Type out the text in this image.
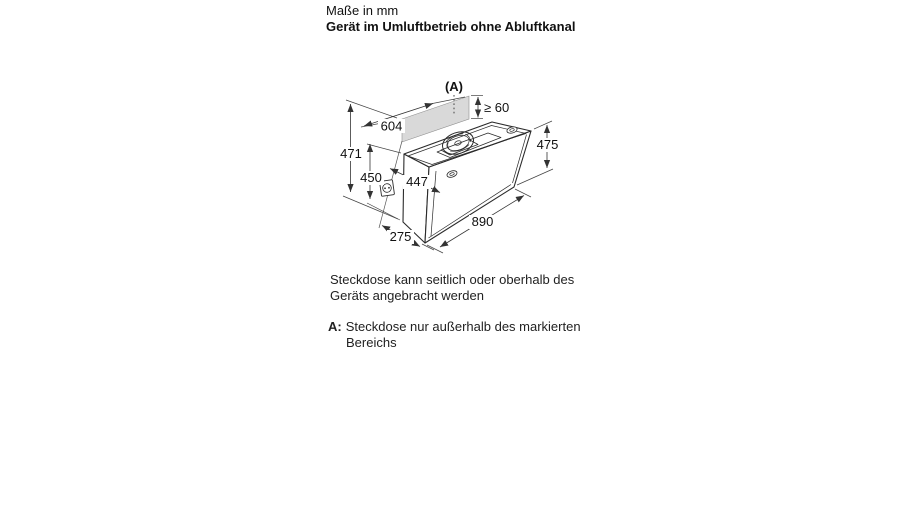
Maße in mm
Gerät im Umluftbetrieb ohne Abluftkanal
(A)
604
471
450 447
475
890
275
≥ 60
Steckdose kann seitlich oder oberhalb des
Geräts angebracht werden
A: Steckdose nur außerhalb des markierten
Bereichs
